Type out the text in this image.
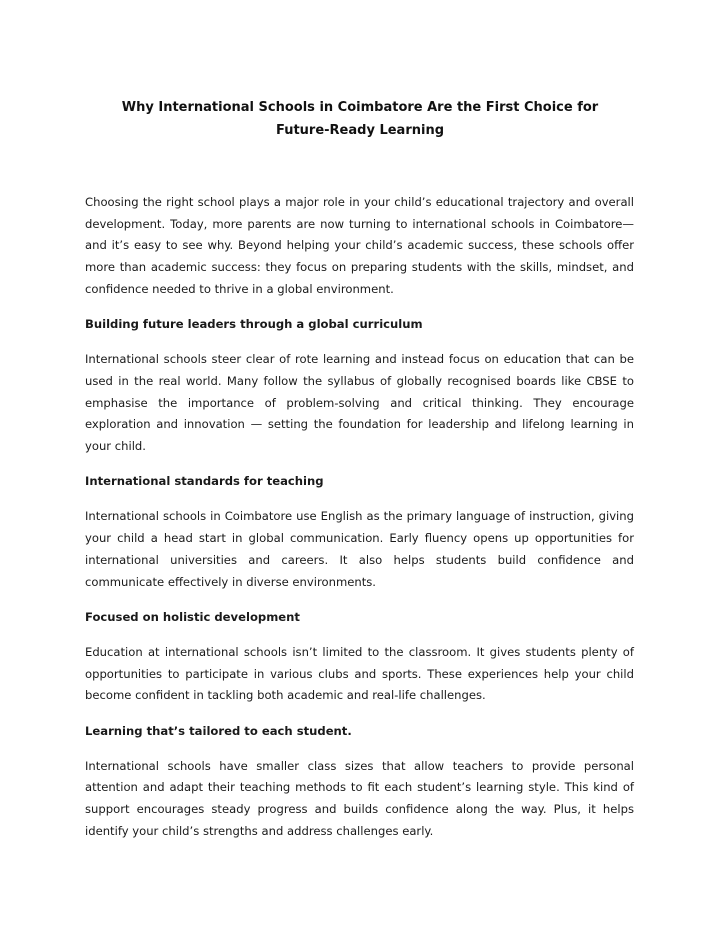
Why International Schools in Coimbatore Are the First Choice for
Future-Ready Learning

Choosing the right school plays a major role in your child’s educational trajectory and overall development. Today, more parents are now turning to international schools in Coimbatore—and it’s easy to see why. Beyond helping your child’s academic success, these schools offer more than academic success: they focus on preparing students with the skills, mindset, and confidence needed to thrive in a global environment.

Building future leaders through a global curriculum

International schools steer clear of rote learning and instead focus on education that can be used in the real world. Many follow the syllabus of globally recognised boards like CBSE to emphasise the importance of problem-solving and critical thinking. They encourage exploration and innovation — setting the foundation for leadership and lifelong learning in your child.

International standards for teaching

International schools in Coimbatore use English as the primary language of instruction, giving your child a head start in global communication. Early fluency opens up opportunities for international universities and careers. It also helps students build confidence and communicate effectively in diverse environments.

Focused on holistic development

Education at international schools isn’t limited to the classroom. It gives students plenty of opportunities to participate in various clubs and sports. These experiences help your child become confident in tackling both academic and real-life challenges.

Learning that’s tailored to each student.

International schools have smaller class sizes that allow teachers to provide personal attention and adapt their teaching methods to fit each student’s learning style. This kind of support encourages steady progress and builds confidence along the way. Plus, it helps identify your child’s strengths and address challenges early.
